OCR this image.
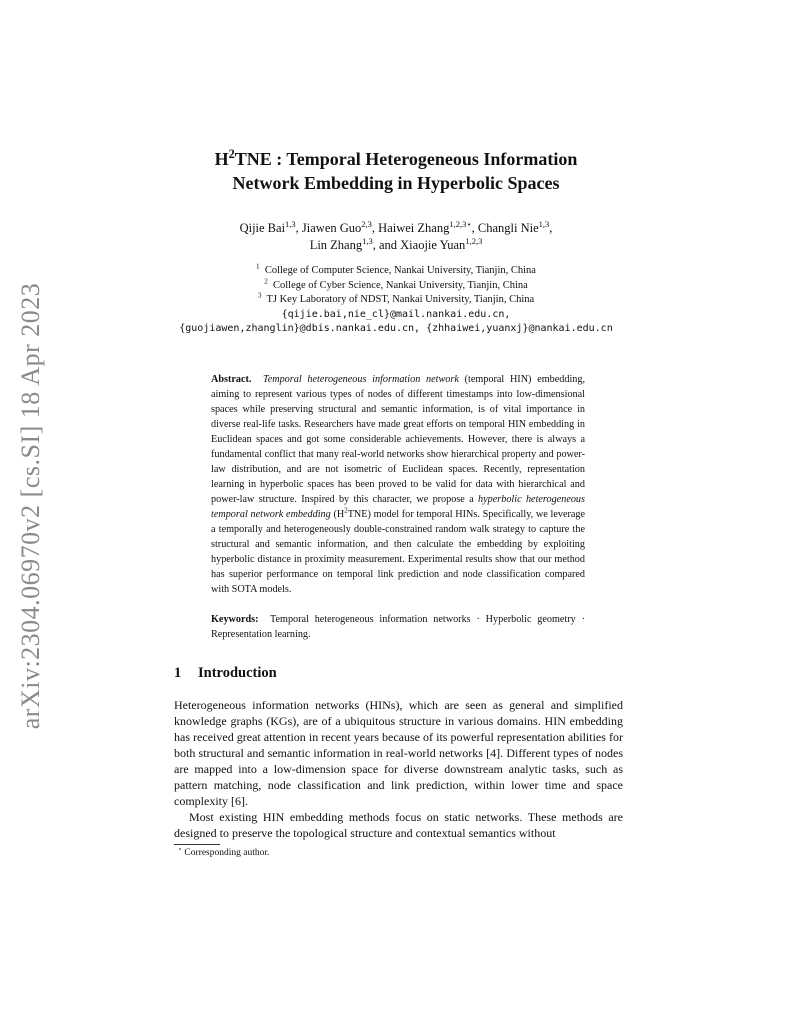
arXiv:2304.06970v2 [cs.SI] 18 Apr 2023
$H^2TNE$ : Temporal Heterogeneous Information
Network Embedding in Hyperbolic Spaces
Qijie Bai$^{1,3}$, Jiawen Guo$^{2,3}$, Haiwei Zhang$^{1,2,3⋆}$, Changli Nie$^{1,3}$,
Lin Zhang$^{1,3}$, and Xiaojie Yuan$^{1,2,3}$
$^1$ College of Computer Science, Nankai University, Tianjin, China
$^2$ College of Cyber Science, Nankai University, Tianjin, China
$^3$ TJ Key Laboratory of NDST, Nankai University, Tianjin, China
{qijie.bai,nie_cl}@mail.nankai.edu.cn,
{guojiawen,zhanglin}@dbis.nankai.edu.cn, {zhhaiwei,yuanxj}@nankai.edu.cn
Abstract. Temporal heterogeneous information network (temporal HIN) embedding, aiming to represent various types of nodes of different timestamps into low-dimensional spaces while preserving structural and semantic information, is of vital importance in diverse real-life tasks. Researchers have made great efforts on temporal HIN embedding in Euclidean spaces and got some considerable achievements. However, there is always a fundamental conflict that many real-world networks show hierarchical property and power-law distribution, and are not isometric of Euclidean spaces. Recently, representation learning in hyperbolic spaces has been proved to be valid for data with hierarchical and power-law structure. Inspired by this character, we propose a hyperbolic heterogeneous temporal network embedding $(H^2TNE)$ model for temporal HINs. Specifically, we leverage a temporally and heterogeneously double-constrained random walk strategy to capture the structural and semantic information, and then calculate the embedding by exploiting hyperbolic distance in proximity measurement. Experimental results show that our method has superior performance on temporal link prediction and node classification compared with SOTA models.
Keywords: Temporal heterogeneous information networks · Hyperbolic geometry · Representation learning.
1 Introduction

Heterogeneous information networks (HINs), which are seen as general and simplified knowledge graphs (KGs), are of a ubiquitous structure in various domains. HIN embedding has received great attention in recent years because of its powerful representation abilities for both structural and semantic information in real-world networks [4]. Different types of nodes are mapped into a low-dimension space for diverse downstream analytic tasks, such as pattern matching, node classification and link prediction, within lower time and space complexity [6].

Most existing HIN embedding methods focus on static networks. These methods are designed to preserve the topological structure and contextual semantics without

⋆ Corresponding author.
